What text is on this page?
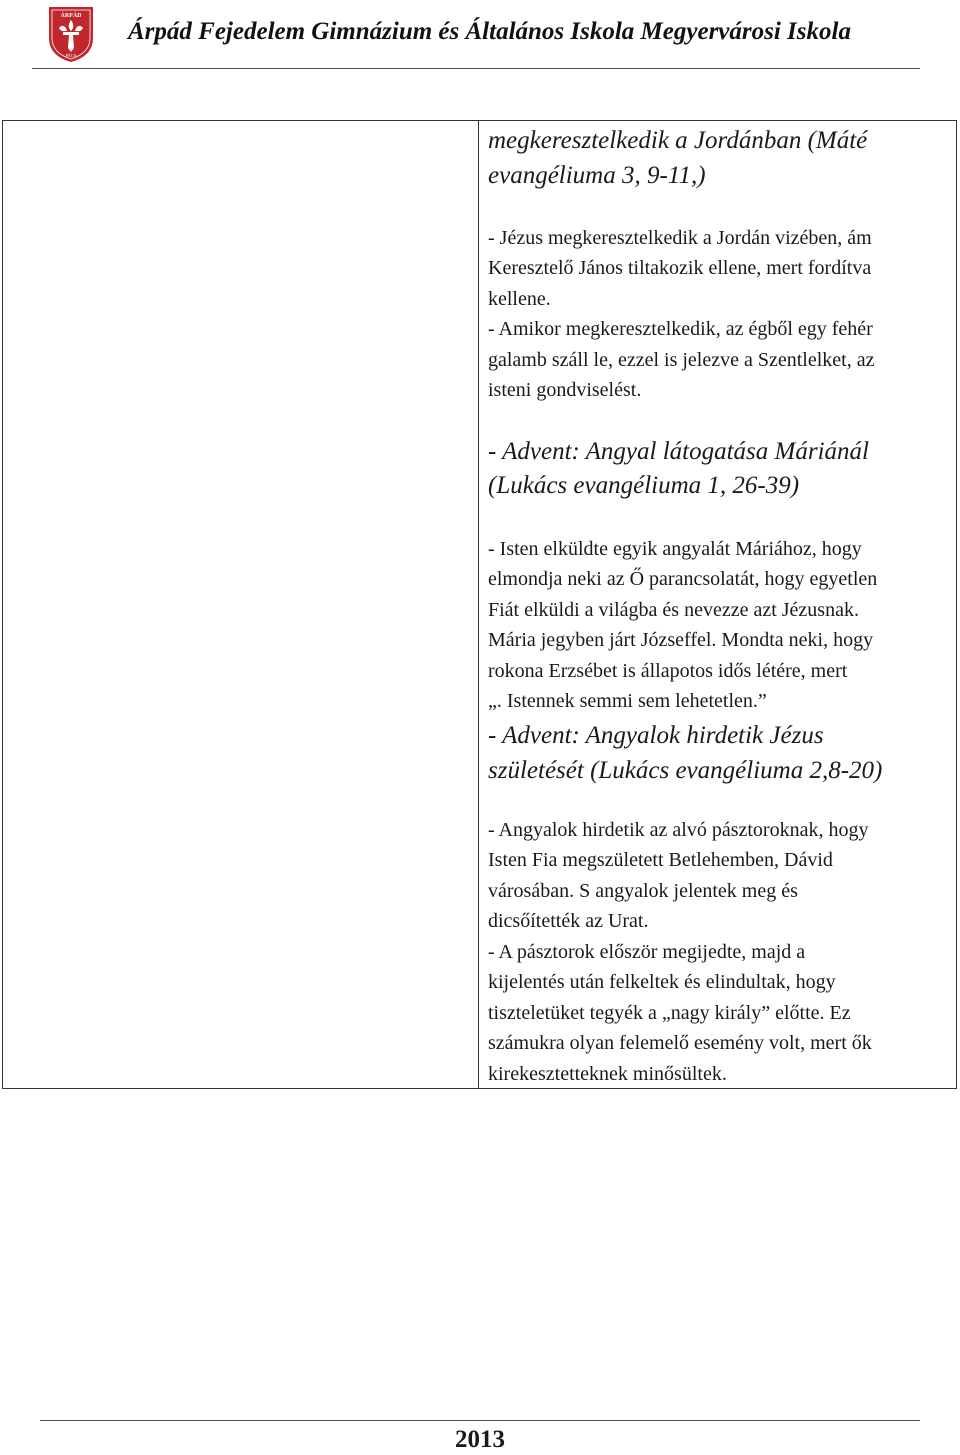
ÁRPÁD
PÉCS
Árpád Fejedelem Gimnázium és Általános Iskola Megyervárosi Iskola

megkeresztelkedik a Jordánban (Máté

evangéliuma 3, 9-11,)

- Jézus megkeresztelkedik a Jordán vizében, ám

Keresztelő János tiltakozik ellene, mert fordítva

kellene.

- Amikor megkeresztelkedik, az égből egy fehér

galamb száll le, ezzel is jelezve a Szentlelket, az

isteni gondviselést.

- Advent: Angyal látogatása Máriánál

(Lukács evangéliuma 1, 26-39)

- Isten elküldte egyik angyalát Máriához, hogy

elmondja neki az Ő parancsolatát, hogy egyetlen

Fiát elküldi a világba és nevezze azt Jézusnak.

Mária jegyben járt Józseffel. Mondta neki, hogy

rokona Erzsébet is állapotos idős létére, mert

„. Istennek semmi sem lehetetlen.”

- Advent: Angyalok hirdetik Jézus

születését (Lukács evangéliuma 2,8-20)

- Angyalok hirdetik az alvó pásztoroknak, hogy

Isten Fia megszületett Betlehemben, Dávid

városában. S angyalok jelentek meg és

dicsőítették az Urat.

- A pásztorok először megijedte, majd a

kijelentés után felkeltek és elindultak, hogy

tiszteletüket tegyék a „nagy király” előtte. Ez

számukra olyan felemelő esemény volt, mert ők

kirekesztetteknek minősültek.

2013
